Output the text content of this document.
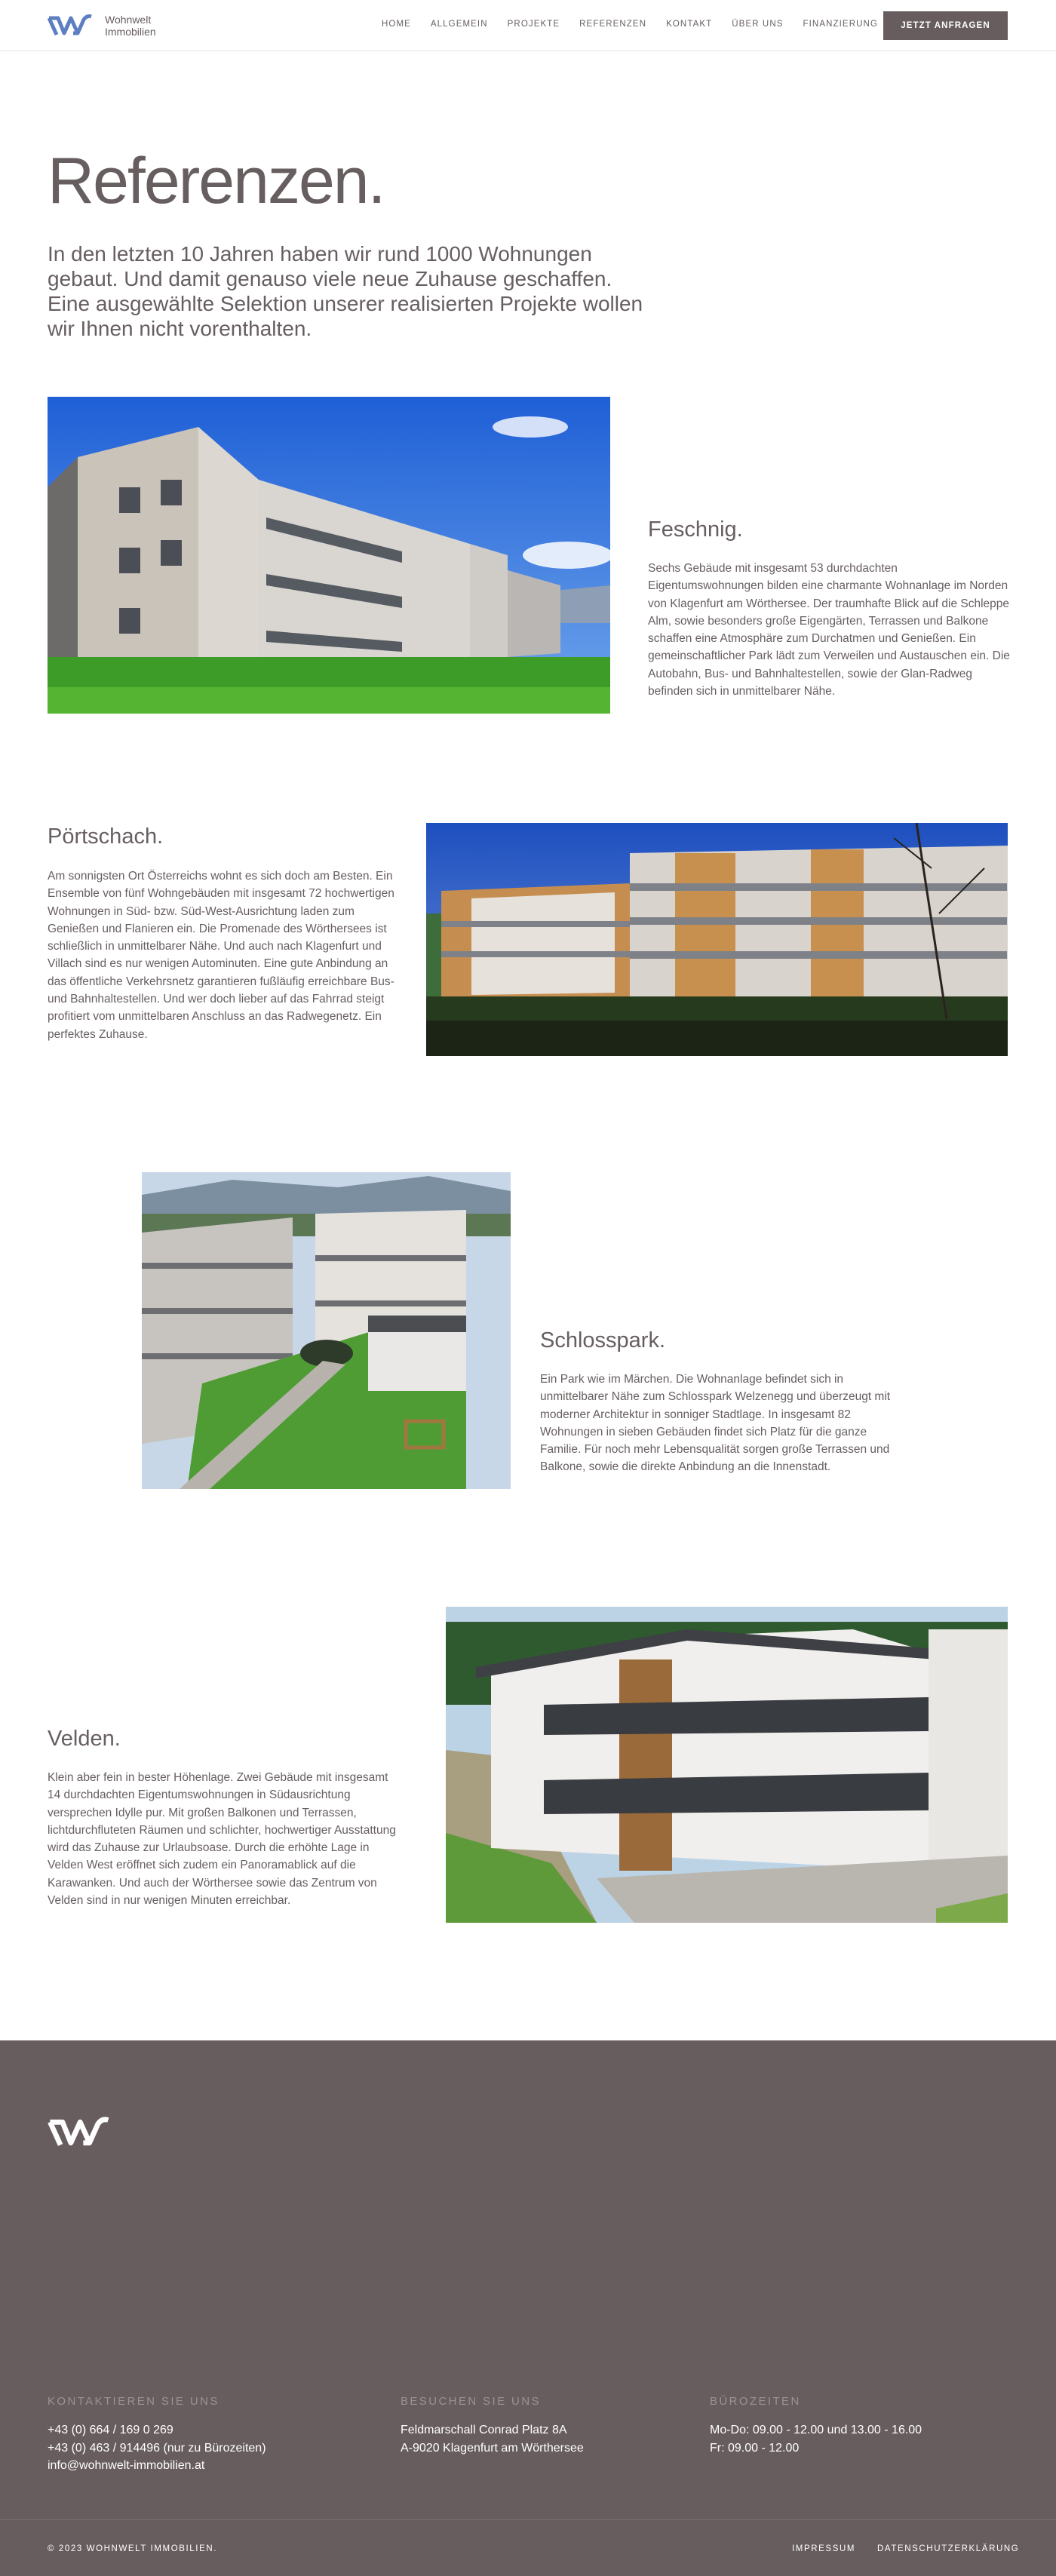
Wohnwelt
Immobilien
HOME ALLGEMEIN PROJEKTE REFERENZEN KONTAKT ÜBER UNS FINANZIERUNG	JETZT ANFRAGEN
Referenzen.

In den letzten 10 Jahren haben wir rund 1000 Wohnungen gebaut. Und damit genauso viele neue Zuhause geschaffen. Eine ausgewählte Selektion unserer realisierten Projekte wollen wir Ihnen nicht vorenthalten.

Feschnig.

Sechs Gebäude mit insgesamt 53 durchdachten Eigentumswohnungen bilden eine charmante Wohnanlage im Norden von Klagenfurt am Wörthersee. Der traumhafte Blick auf die Schleppe Alm, sowie besonders große Eigengärten, Terrassen und Balkone schaffen eine Atmosphäre zum Durchatmen und Genießen. Ein gemeinschaftlicher Park lädt zum Verweilen und Austauschen ein. Die Autobahn, Bus- und Bahnhaltestellen, sowie der Glan-Radweg befinden sich in unmittelbarer Nähe.

Pörtschach.

Am sonnigsten Ort Österreichs wohnt es sich doch am Besten. Ein Ensemble von fünf Wohngebäuden mit insgesamt 72 hochwertigen Wohnungen in Süd- bzw. Süd-West-Ausrichtung laden zum Genießen und Flanieren ein. Die Promenade des Wörthersees ist schließlich in unmittelbarer Nähe. Und auch nach Klagenfurt und Villach sind es nur wenigen Autominuten. Eine gute Anbindung an das öffentliche Verkehrsnetz garantieren fußläufig erreichbare Bus- und Bahnhaltestellen. Und wer doch lieber auf das Fahrrad steigt profitiert vom unmittelbaren Anschluss an das Radwegenetz. Ein perfektes Zuhause.

Schlosspark.

Ein Park wie im Märchen. Die Wohnanlage befindet sich in unmittelbarer Nähe zum Schlosspark Welzenegg und überzeugt mit moderner Architektur in sonniger Stadtlage. In insgesamt 82 Wohnungen in sieben Gebäuden findet sich Platz für die ganze Familie. Für noch mehr Lebensqualität sorgen große Terrassen und Balkone, sowie die direkte Anbindung an die Innenstadt.

Velden.

Klein aber fein in bester Höhenlage. Zwei Gebäude mit insgesamt 14 durchdachten Eigentumswohnungen in Südausrichtung versprechen Idylle pur. Mit großen Balkonen und Terrassen, lichtdurchfluteten Räumen und schlichter, hochwertiger Ausstattung wird das Zuhause zur Urlaubsoase. Durch die erhöhte Lage in Velden West eröffnet sich zudem ein Panoramablick auf die Karawanken. Und auch der Wörthersee sowie das Zentrum von Velden sind in nur wenigen Minuten erreichbar.

KONTAKTIEREN SIE UNS
+43 (0) 664 / 169 0 269
+43 (0) 463 / 914496 (nur zu Bürozeiten)
info@wohnwelt-immobilien.at
BESUCHEN SIE UNS
Feldmarschall Conrad Platz 8A
A-9020 Klagenfurt am Wörthersee
BÜROZEITEN
Mo-Do: 09.00 - 12.00 und 13.00 - 16.00
Fr: 09.00 - 12.00
© 2023 WOHNWELT IMMOBILIEN.	IMPRESSUM	DATENSCHUTZERKLÄRUNG
